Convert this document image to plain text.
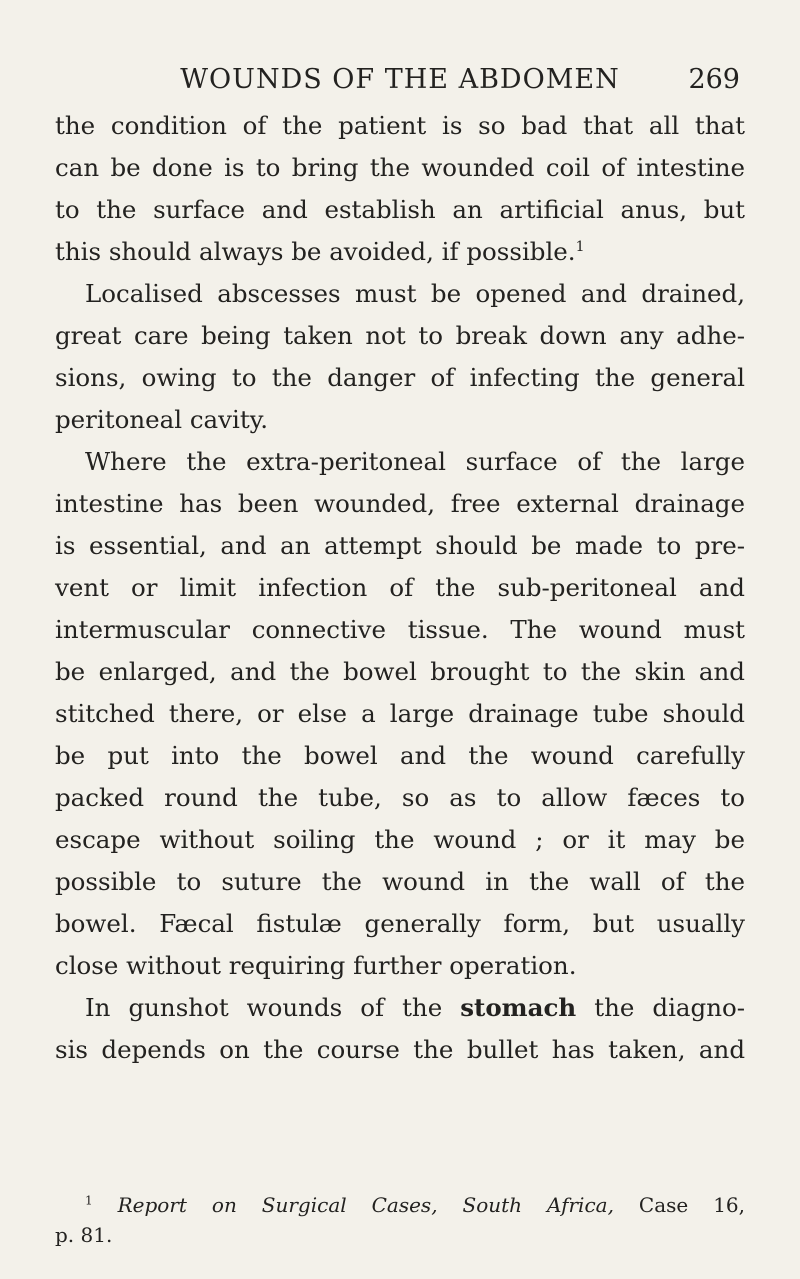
WOUNDS OF THE ABDOMEN	269
the condition of the patient is so bad that all that
can be done is to bring the wounded coil of intestine
to the surface and establish an artificial anus, but
this should always be avoided, if possible.$^1$
Localised abscesses must be opened and drained,
great care being taken not to break down any adhe-
sions, owing to the danger of infecting the general
peritoneal cavity.
Where the extra-peritoneal surface of the large
intestine has been wounded, free external drainage
is essential, and an attempt should be made to pre-
vent or limit infection of the sub-peritoneal and
intermuscular connective tissue. The wound must
be enlarged, and the bowel brought to the skin and
stitched there, or else a large drainage tube should
be put into the bowel and the wound carefully
packed round the tube, so as to allow fæces to
escape without soiling the wound ; or it may be
possible to suture the wound in the wall of the
bowel. Fæcal fistulæ generally form, but usually
close without requiring further operation.
In gunshot wounds of the stomach the diagno-
sis depends on the course the bullet has taken, and
$^1$ Report on Surgical Cases, South Africa, Case 16,
p. 81.
